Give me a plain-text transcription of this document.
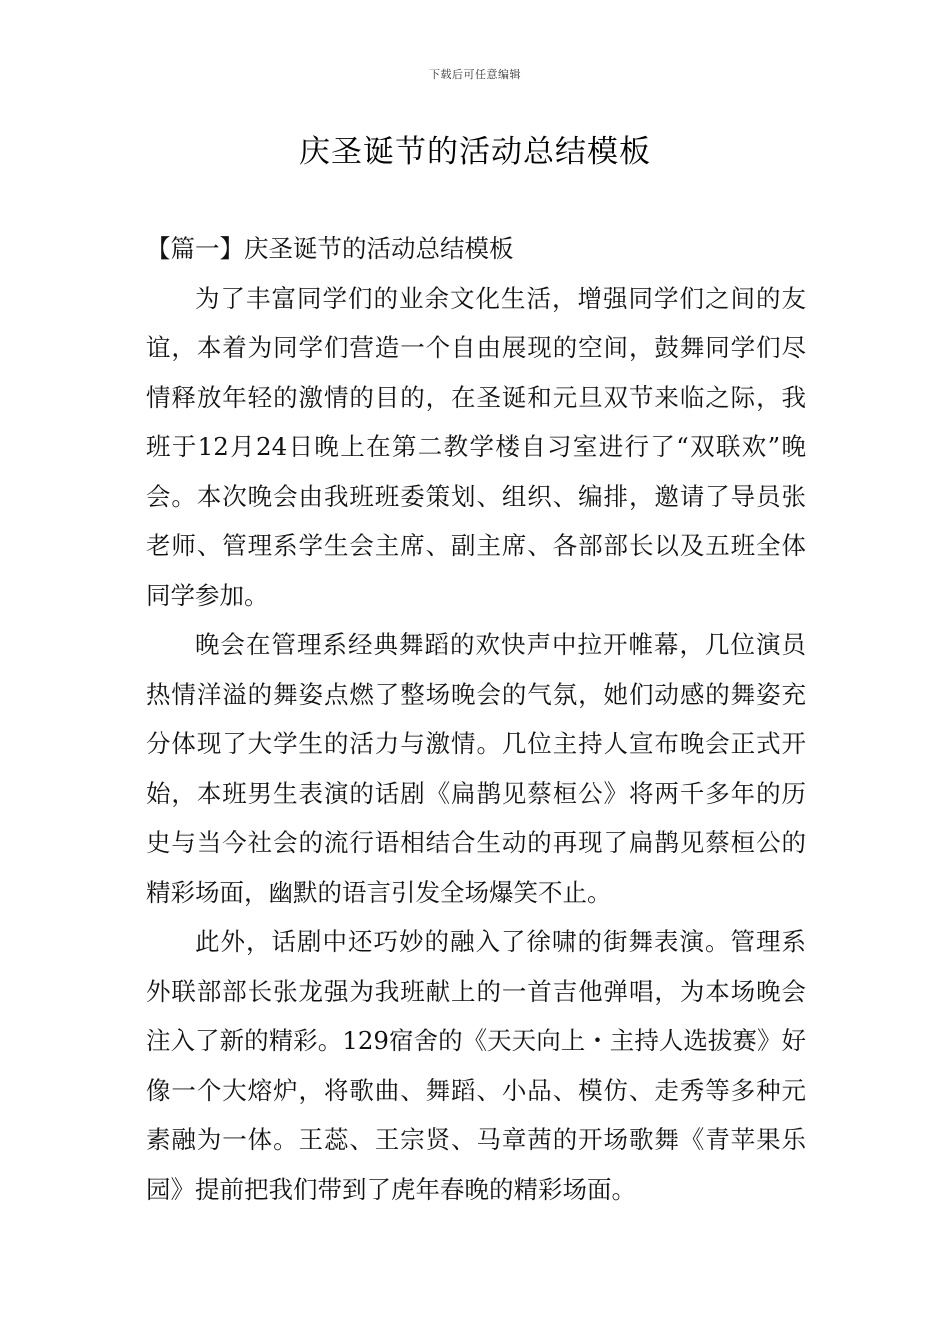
下载后可任意编辑
庆圣诞节的活动总结模板
【篇一】庆圣诞节的活动总结模板

为了丰富同学们的业余文化生活，增强同学们之间的友谊，本着为同学们营造一个自由展现的空间，鼓舞同学们尽情释放年轻的激情的目的，在圣诞和元旦双节来临之际，我班于12月24日晚上在第二教学楼自习室进行了“双联欢”晚会。本次晚会由我班班委策划、组织、编排，邀请了导员张老师、管理系学生会主席、副主席、各部部长以及五班全体同学参加。

晚会在管理系经典舞蹈的欢快声中拉开帷幕，几位演员热情洋溢的舞姿点燃了整场晚会的气氛，她们动感的舞姿充分体现了大学生的活力与激情。几位主持人宣布晚会正式开始，本班男生表演的话剧《扁鹊见蔡桓公》将两千多年的历史与当今社会的流行语相结合生动的再现了扁鹊见蔡桓公的精彩场面，幽默的语言引发全场爆笑不止。

此外，话剧中还巧妙的融入了徐啸的街舞表演。管理系外联部部长张龙强为我班献上的一首吉他弹唱，为本场晚会注入了新的精彩。129宿舍的《天天向上・主持人选拔赛》好像一个大熔炉，将歌曲、舞蹈、小品、模仿、走秀等多种元素融为一体。王蕊、王宗贤、马章茜的开场歌舞《青苹果乐园》提前把我们带到了虎年春晚的精彩场面。
